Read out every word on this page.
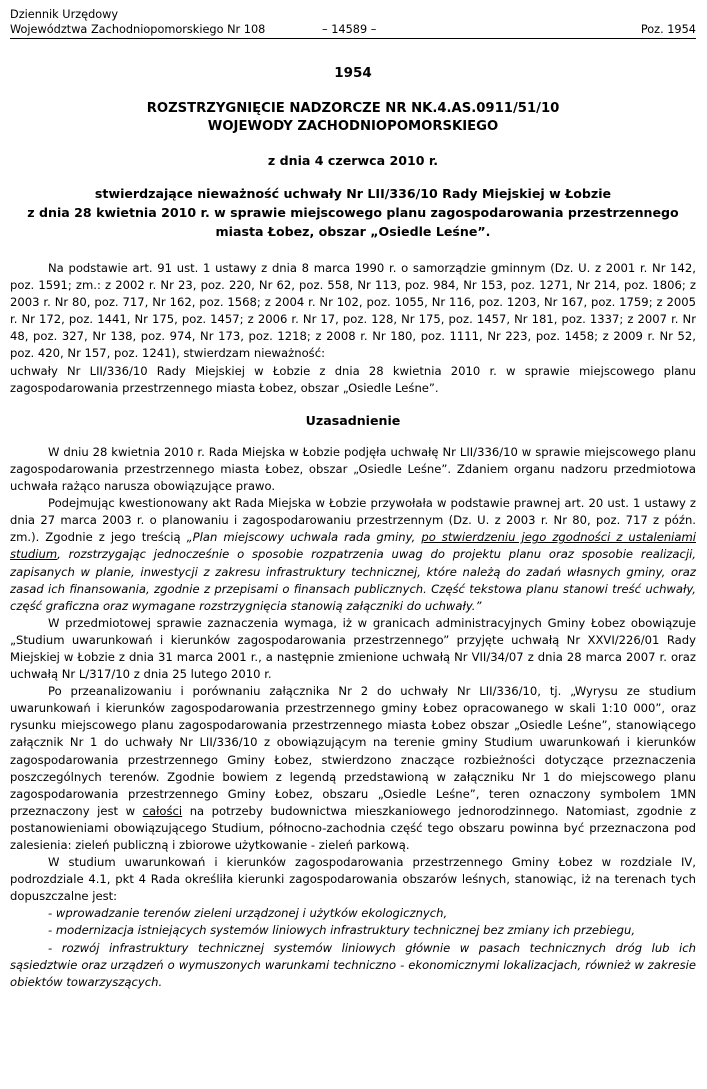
Dziennik Urzędowy
Województwa Zachodniopomorskiego Nr 108	– 14589 –	Poz. 1954
1954
ROZSTRZYGNIĘCIE NADZORCZE NR NK.4.AS.0911/51/10
WOJEWODY ZACHODNIOPOMORSKIEGO
z dnia 4 czerwca 2010 r.
stwierdzające nieważność uchwały Nr LII/336/10 Rady Miejskiej w Łobzie
z dnia 28 kwietnia 2010 r. w sprawie miejscowego planu zagospodarowania przestrzennego
miasta Łobez, obszar „Osiedle Leśne”.

Na podstawie art. 91 ust. 1 ustawy z dnia 8 marca 1990 r. o samorządzie gminnym (Dz. U. z 2001 r. Nr 142, poz. 1591; zm.: z 2002 r. Nr 23, poz. 220, Nr 62, poz. 558, Nr 113, poz. 984, Nr 153, poz. 1271, Nr 214, poz. 1806; z 2003 r. Nr 80, poz. 717, Nr 162, poz. 1568; z 2004 r. Nr 102, poz. 1055, Nr 116, poz. 1203, Nr 167, poz. 1759; z 2005 r. Nr 172, poz. 1441, Nr 175, poz. 1457; z 2006 r. Nr 17, poz. 128, Nr 175, poz. 1457, Nr 181, poz. 1337; z 2007 r. Nr 48, poz. 327, Nr 138, poz. 974, Nr 173, poz. 1218; z 2008 r. Nr 180, poz. 1111, Nr 223, poz. 1458; z 2009 r. Nr 52, poz. 420, Nr 157, poz. 1241), stwierdzam nieważność:

uchwały Nr LII/336/10 Rady Miejskiej w Łobzie z dnia 28 kwietnia 2010 r. w sprawie miejscowego planu zagospodarowania przestrzennego miasta Łobez, obszar „Osiedle Leśne”.

Uzasadnienie

W dniu 28 kwietnia 2010 r. Rada Miejska w Łobzie podjęła uchwałę Nr LII/336/10 w sprawie miejscowego planu zagospodarowania przestrzennego miasta Łobez, obszar „Osiedle Leśne”. Zdaniem organu nadzoru przedmiotowa uchwała rażąco narusza obowiązujące prawo.

Podejmując kwestionowany akt Rada Miejska w Łobzie przywołała w podstawie prawnej art. 20 ust. 1 ustawy z dnia 27 marca 2003 r. o planowaniu i zagospodarowaniu przestrzennym (Dz. U. z 2003 r. Nr 80, poz. 717 z późn. zm.). Zgodnie z jego treścią „Plan miejscowy uchwala rada gminy, po stwierdzeniu jego zgodności z ustaleniami studium, rozstrzygając jednocześnie o sposobie rozpatrzenia uwag do projektu planu oraz sposobie realizacji, zapisanych w planie, inwestycji z zakresu infrastruktury technicznej, które należą do zadań własnych gminy, oraz zasad ich finansowania, zgodnie z przepisami o finansach publicznych. Część tekstowa planu stanowi treść uchwały, część graficzna oraz wymagane rozstrzygnięcia stanowią załączniki do uchwały.”

W przedmiotowej sprawie zaznaczenia wymaga, iż w granicach administracyjnych Gminy Łobez obowiązuje „Studium uwarunkowań i kierunków zagospodarowania przestrzennego” przyjęte uchwałą Nr XXVI/226/01 Rady Miejskiej w Łobzie z dnia 31 marca 2001 r., a następnie zmienione uchwałą Nr VII/34/07 z dnia 28 marca 2007 r. oraz uchwałą Nr L/317/10 z dnia 25 lutego 2010 r.

Po przeanalizowaniu i porównaniu załącznika Nr 2 do uchwały Nr LII/336/10, tj. „Wyrysu ze studium uwarunkowań i kierunków zagospodarowania przestrzennego gminy Łobez opracowanego w skali 1:10 000”, oraz rysunku miejscowego planu zagospodarowania przestrzennego miasta Łobez obszar „Osiedle Leśne”, stanowiącego załącznik Nr 1 do uchwały Nr LII/336/10 z obowiązującym na terenie gminy Studium uwarunkowań i kierunków zagospodarowania przestrzennego Gminy Łobez, stwierdzono znaczące rozbieżności dotyczące przeznaczenia poszczególnych terenów. Zgodnie bowiem z legendą przedstawioną w załączniku Nr 1 do miejscowego planu zagospodarowania przestrzennego Gminy Łobez, obszaru „Osiedle Leśne”, teren oznaczony symbolem 1MN przeznaczony jest w całości na potrzeby budownictwa mieszkaniowego jednorodzinnego. Natomiast, zgodnie z postanowieniami obowiązującego Studium, północno-zachodnia część tego obszaru powinna być przeznaczona pod zalesienia: zieleń publiczną i zbiorowe użytkowanie - zieleń parkową.

W studium uwarunkowań i kierunków zagospodarowania przestrzennego Gminy Łobez w rozdziale IV, podrozdziale 4.1, pkt 4 Rada określiła kierunki zagospodarowania obszarów leśnych, stanowiąc, iż na terenach tych dopuszczalne jest:

- wprowadzanie terenów zieleni urządzonej i użytków ekologicznych,

- modernizacja istniejących systemów liniowych infrastruktury technicznej bez zmiany ich przebiegu,

- rozwój infrastruktury technicznej systemów liniowych głównie w pasach technicznych dróg lub ich sąsiedztwie oraz urządzeń o wymuszonych warunkami techniczno - ekonomicznymi lokalizacjach, również w zakresie obiektów towarzyszących.
